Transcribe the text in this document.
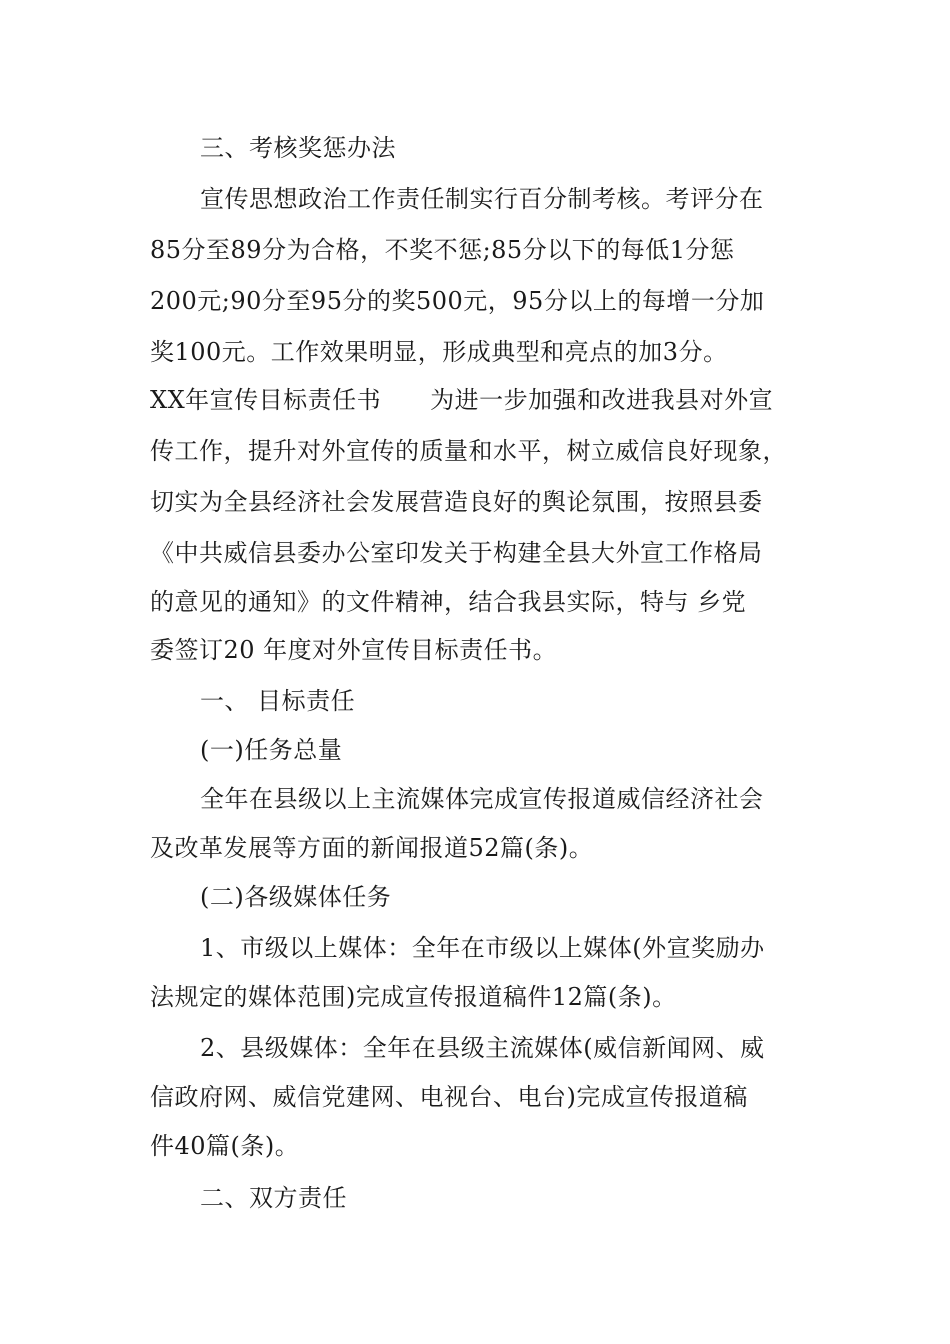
三、考核奖惩办法
宣传思想政治工作责任制实行百分制考核。考评分在
85分至89分为合格，不奖不惩;85分以下的每低1分惩
200元;90分至95分的奖500元，95分以上的每增一分加
奖100元。工作效果明显，形成典型和亮点的加3分。
XX年宣传目标责任书　　为进一步加强和改进我县对外宣
传工作，提升对外宣传的质量和水平，树立威信良好现象，
切实为全县经济社会发展营造良好的舆论氛围，按照县委
《中共威信县委办公室印发关于构建全县大外宣工作格局
的意见的通知》的文件精神，结合我县实际，特与 乡党
委签订20 年度对外宣传目标责任书。
一、 目标责任
(一)任务总量
全年在县级以上主流媒体完成宣传报道威信经济社会
及改革发展等方面的新闻报道52篇(条)。
(二)各级媒体任务
1、市级以上媒体：全年在市级以上媒体(外宣奖励办
法规定的媒体范围)完成宣传报道稿件12篇(条)。
2、县级媒体：全年在县级主流媒体(威信新闻网、威
信政府网、威信党建网、电视台、电台)完成宣传报道稿
件40篇(条)。
二、双方责任
